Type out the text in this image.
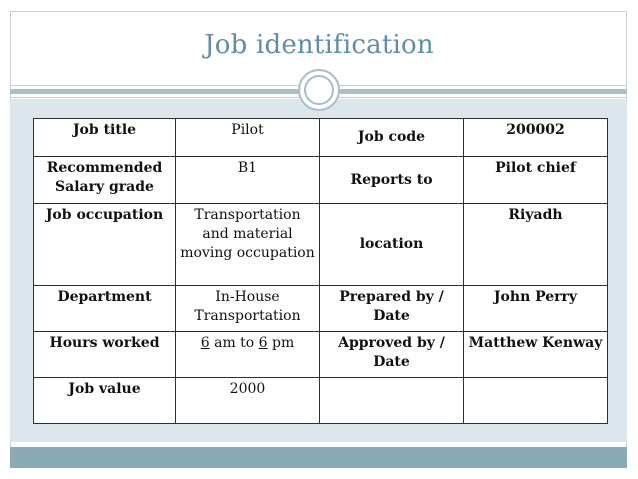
Job identification
Job title	Pilot	Job code	200002
Recommended Salary grade	B1	Reports to	Pilot chief
Job occupation	Transportation and material moving occupation	location	Riyadh
Department	In-House Transportation	Prepared by / Date	John Perry
Hours worked	6 am to 6 pm	Approved by / Date	Matthew Kenway
Job value	2000		
